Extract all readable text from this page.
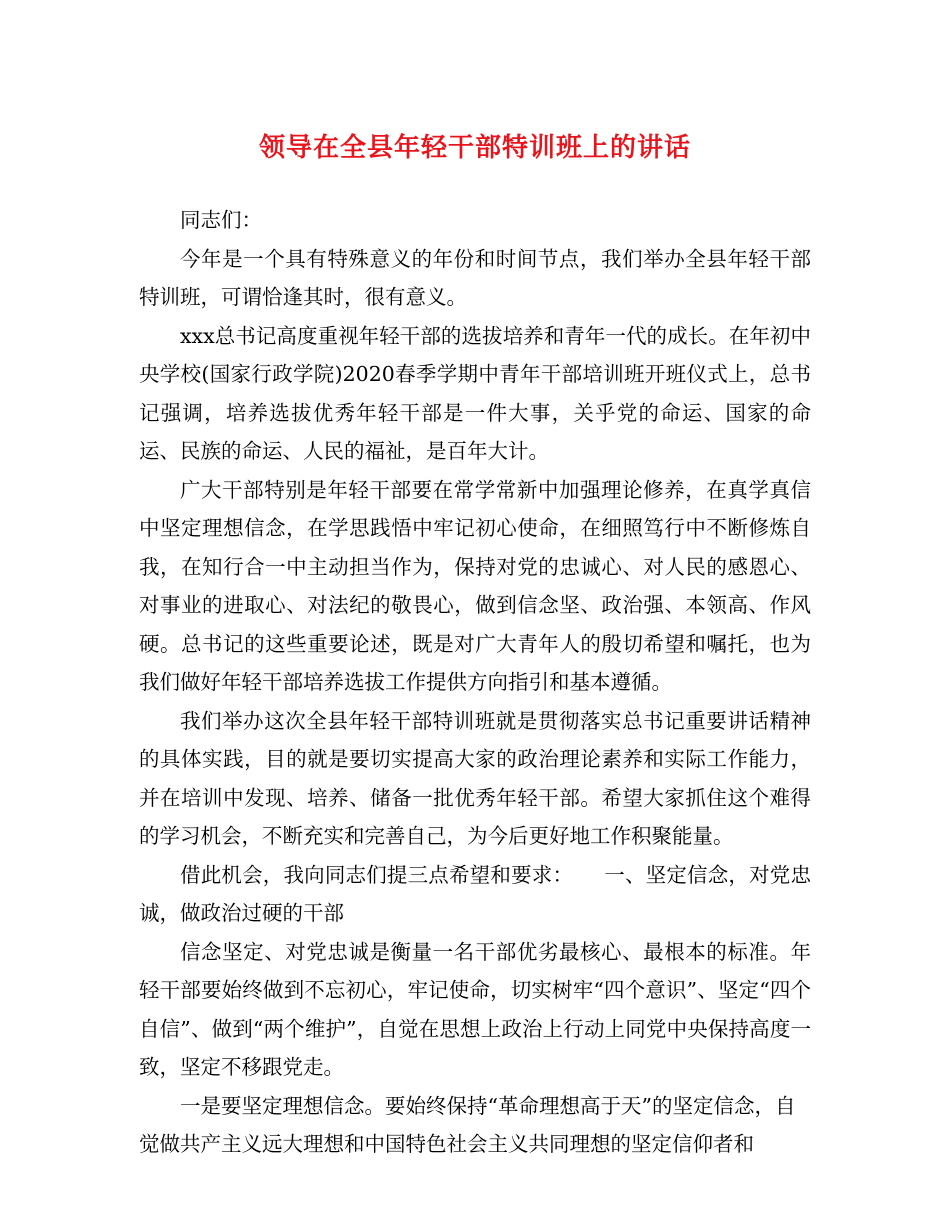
领导在全县年轻干部特训班上的讲话

同志们：

今年是一个具有特殊意义的年份和时间节点，我们举办全县年轻干部特训班，可谓恰逢其时，很有意义。

xxx总书记高度重视年轻干部的选拔培养和青年一代的成长。在年初中央学校(国家行政学院)2020春季学期中青年干部培训班开班仪式上，总书记强调，培养选拔优秀年轻干部是一件大事，关乎党的命运、国家的命运、民族的命运、人民的福祉，是百年大计。

广大干部特别是年轻干部要在常学常新中加强理论修养，在真学真信中坚定理想信念，在学思践悟中牢记初心使命，在细照笃行中不断修炼自我，在知行合一中主动担当作为，保持对党的忠诚心、对人民的感恩心、对事业的进取心、对法纪的敬畏心，做到信念坚、政治强、本领高、作风硬。总书记的这些重要论述，既是对广大青年人的殷切希望和嘱托，也为我们做好年轻干部培养选拔工作提供方向指引和基本遵循。

我们举办这次全县年轻干部特训班就是贯彻落实总书记重要讲话精神的具体实践，目的就是要切实提高大家的政治理论素养和实际工作能力，并在培训中发现、培养、储备一批优秀年轻干部。希望大家抓住这个难得的学习机会，不断充实和完善自己，为今后更好地工作积聚能量。

借此机会，我向同志们提三点希望和要求：　　一、坚定信念，对党忠诚，做政治过硬的干部

信念坚定、对党忠诚是衡量一名干部优劣最核心、最根本的标准。年轻干部要始终做到不忘初心，牢记使命，切实树牢“四个意识”、坚定“四个自信”、做到“两个维护”，自觉在思想上政治上行动上同党中央保持高度一致，坚定不移跟党走。

一是要坚定理想信念。要始终保持“革命理想高于天”的坚定信念，自觉做共产主义远大理想和中国特色社会主义共同理想的坚定信仰者和
